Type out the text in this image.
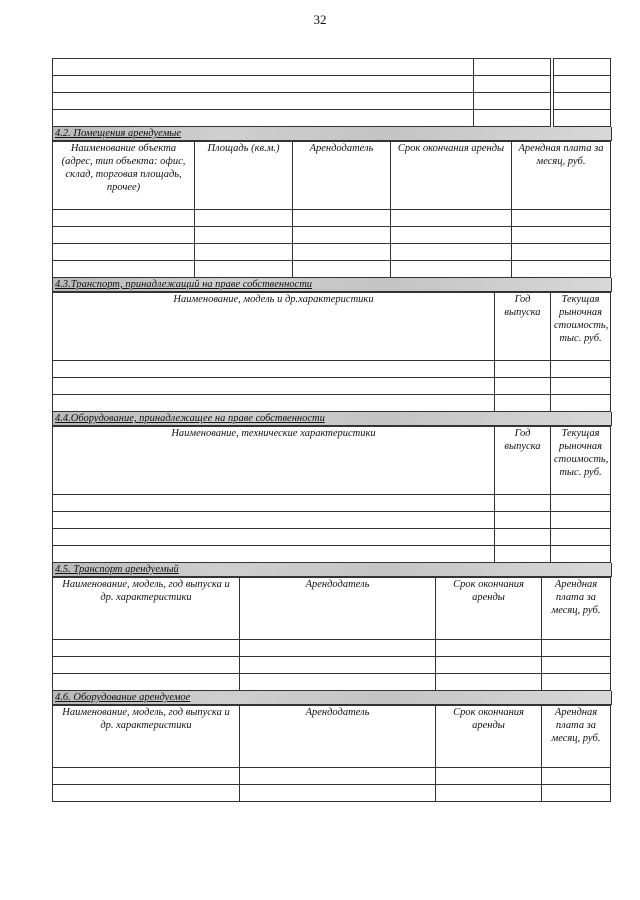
32

4.2. Помещения арендуемые
Наименование объекта (адрес, тип объекта: офис, склад, торговая площадь, прочее)	Площадь (кв.м.)	Арендодатель	Срок окончания аренды	Арендная плата за месяц, руб.

4.3.Транспорт, принадлежащий на праве собственности
Наименование, модель и др.характеристики	Год выпуска	Текущая рыночная стоимость, тыс. руб.

4.4.Оборудование, принадлежащее на праве собственности
Наименование, технические характеристики	Год выпуска	Текущая рыночная стоимость, тыс. руб.

4.5. Транспорт арендуемый
Наименование, модель, год выпуска и др. характеристики	Арендодатель	Срок окончания аренды	Арендная плата за месяц, руб.

4.6. Оборудование арендуемое
Наименование, модель, год выпуска и др. характеристики	Арендодатель	Срок окончания аренды	Арендная плата за месяц, руб.
